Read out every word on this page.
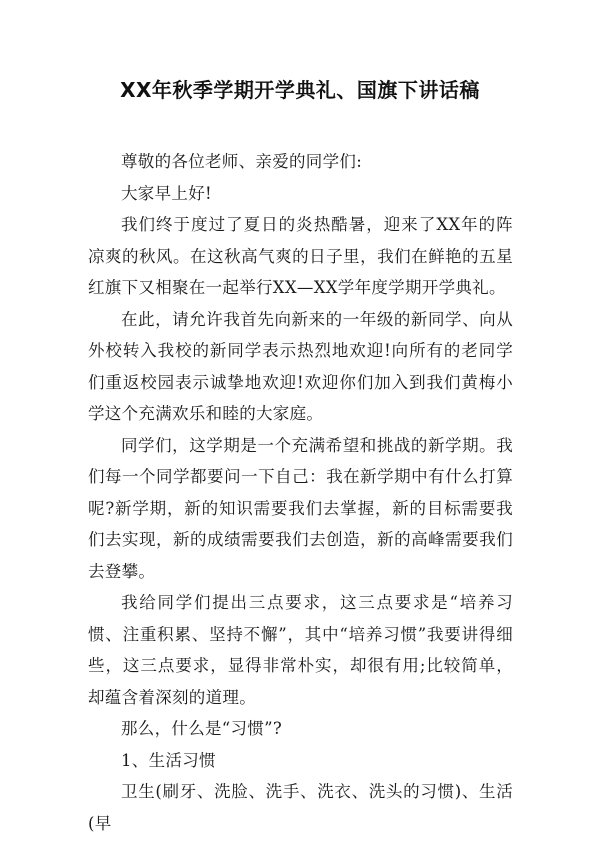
XX年秋季学期开学典礼、国旗下讲话稿

尊敬的各位老师、亲爱的同学们:

大家早上好!

我们终于度过了夏日的炎热酷暑，迎来了XX年的阵凉爽的秋风。在这秋高气爽的日子里，我们在鲜艳的五星红旗下又相聚在一起举行XX—XX学年度学期开学典礼。

在此，请允许我首先向新来的一年级的新同学、向从外校转入我校的新同学表示热烈地欢迎!向所有的老同学们重返校园表示诚挚地欢迎!欢迎你们加入到我们黄梅小学这个充满欢乐和睦的大家庭。

同学们，这学期是一个充满希望和挑战的新学期。我们每一个同学都要问一下自己：我在新学期中有什么打算呢?新学期，新的知识需要我们去掌握，新的目标需要我们去实现，新的成绩需要我们去创造，新的高峰需要我们去登攀。

我给同学们提出三点要求，这三点要求是“培养习惯、注重积累、坚持不懈”，其中“培养习惯”我要讲得细些，这三点要求，显得非常朴实，却很有用;比较简单，却蕴含着深刻的道理。

那么，什么是“习惯”?

1、生活习惯

卫生(刷牙、洗脸、洗手、洗衣、洗头的习惯)、生活(早
